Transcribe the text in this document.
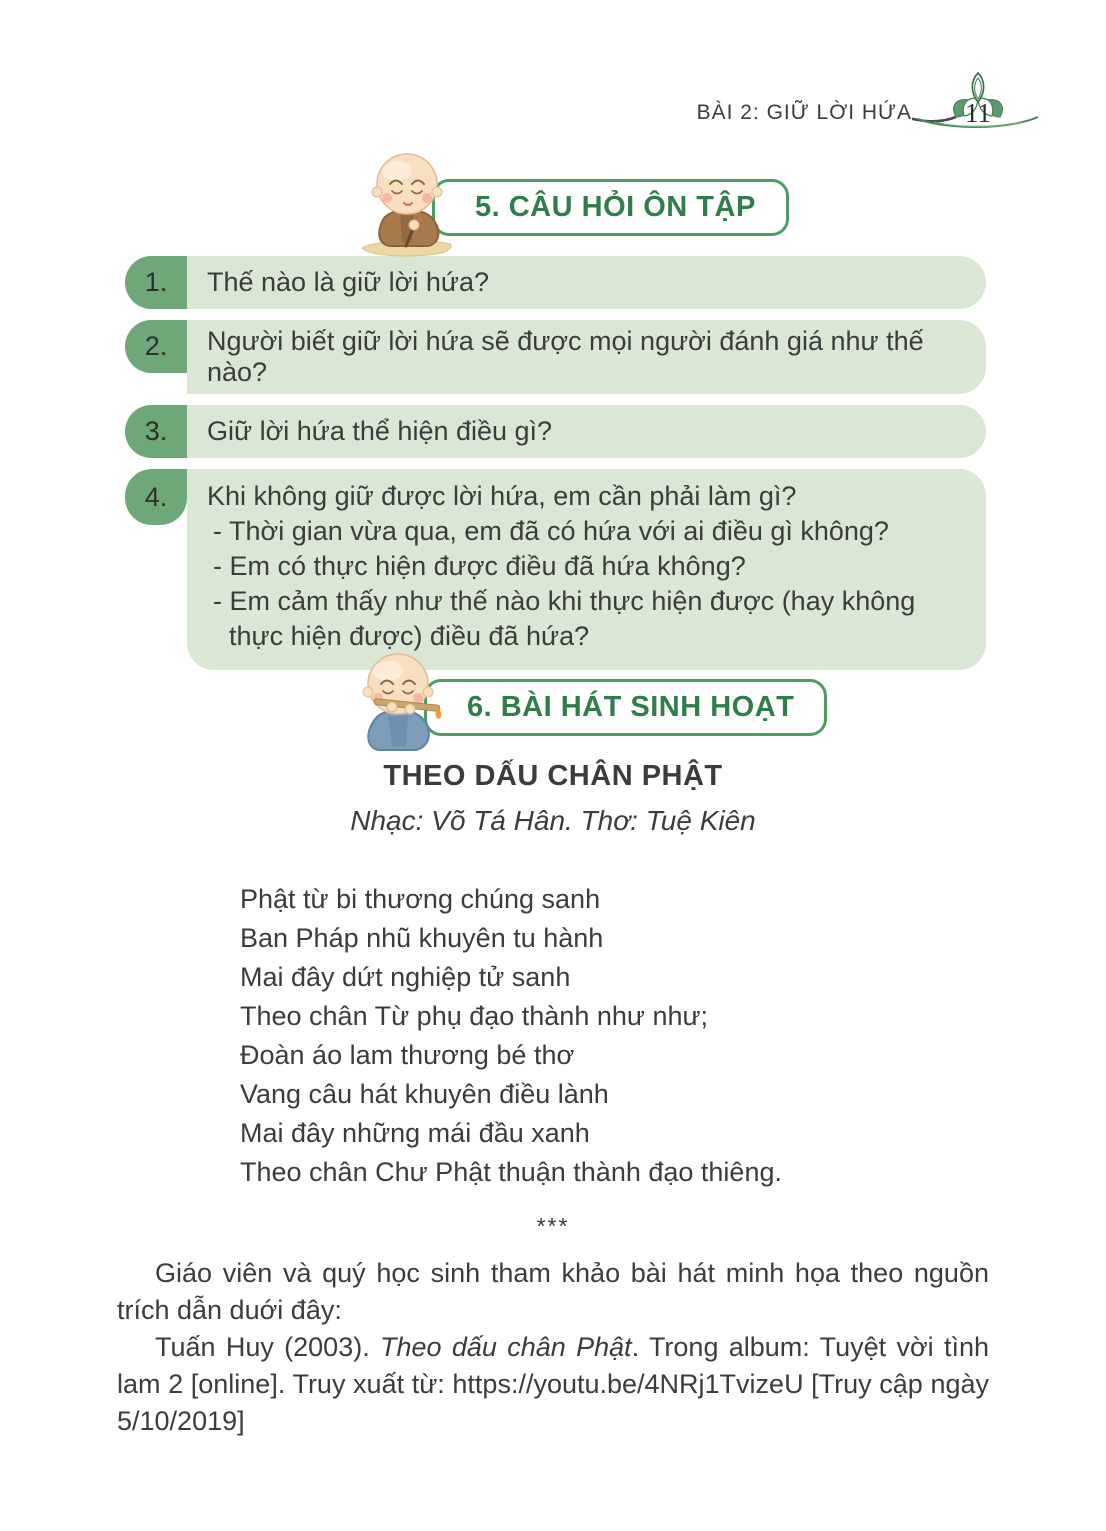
BÀI 2: GIỮ LỜI HỨA 11
5. CÂU HỎI ÔN TẬP
1.	Thế nào là giữ lời hứa?
2.	Người biết giữ lời hứa sẽ được mọi người đánh giá như thế nào?
3.	Giữ lời hứa thể hiện điều gì?
4.	Khi không giữ được lời hứa, em cần phải làm gì?
- Thời gian vừa qua, em đã có hứa với ai điều gì không?
- Em có thực hiện được điều đã hứa không?
- Em cảm thấy như thế nào khi thực hiện được (hay không thực hiện được) điều đã hứa?
6. BÀI HÁT SINH HOẠT
THEO DẤU CHÂN PHẬT
Nhạc: Võ Tá Hân. Thơ: Tuệ Kiên
Phật từ bi thương chúng sanh
Ban Pháp nhũ khuyên tu hành
Mai đây dứt nghiệp tử sanh
Theo chân Từ phụ đạo thành như như;
Đoàn áo lam thương bé thơ
Vang câu hát khuyên điều lành
Mai đây những mái đầu xanh
Theo chân Chư Phật thuận thành đạo thiêng.
***
Giáo viên và quý học sinh tham khảo bài hát minh họa theo nguồn trích dẫn duới đây:
Tuấn Huy (2003). Theo dấu chân Phật. Trong album: Tuyệt vời tình lam 2 [online]. Truy xuất từ: https://youtu.be/4NRj1TvizeU [Truy cập ngày 5/10/2019]
